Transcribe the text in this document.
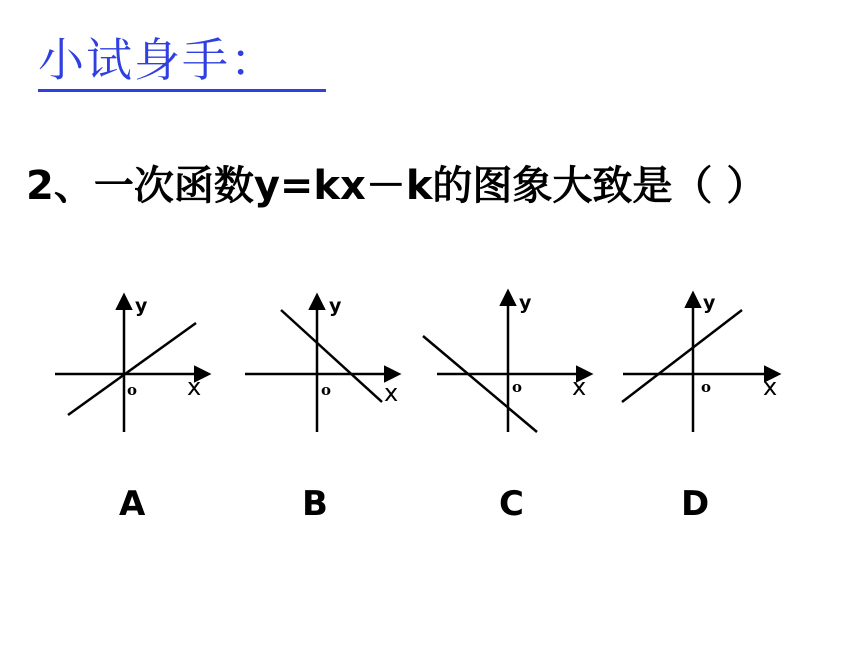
小试身手：
2、一次函数y=kx－k的图象大致是（ ）
y
x
o
y
x
o
y
x
o
y
x
o
A	B	C	D
